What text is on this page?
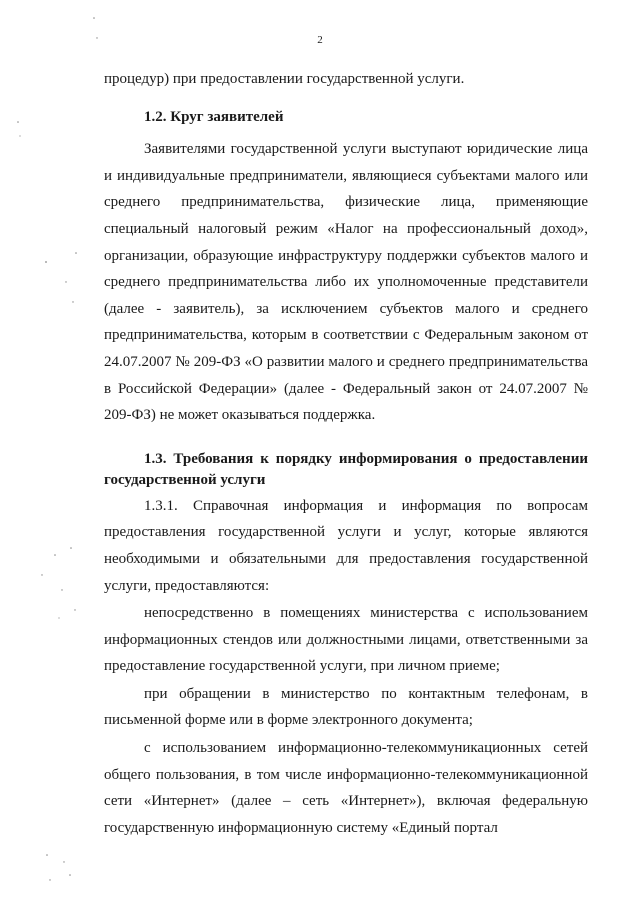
2

процедур) при предоставлении государственной услуги.

1.2. Круг заявителей

Заявителями государственной услуги выступают юридические лица и индивидуальные предприниматели, являющиеся субъектами малого или среднего предпринимательства, физические лица, применяющие специальный налоговый режим «Налог на профессиональный доход», организации, образующие инфраструктуру поддержки субъектов малого и среднего предпринимательства либо их уполномоченные представители (далее - заявитель), за исключением субъектов малого и среднего предпринимательства, которым в соответствии с Федеральным законом от 24.07.2007 № 209-ФЗ «О развитии малого и среднего предпринимательства в Российской Федерации» (далее - Федеральный закон от 24.07.2007 № 209-ФЗ) не может оказываться поддержка.

1.3. Требования к порядку информирования о предоставлении государственной услуги

1.3.1. Справочная информация и информация по вопросам предоставления государственной услуги и услуг, которые являются необходимыми и обязательными для предоставления государственной услуги, предоставляются:

непосредственно в помещениях министерства с использованием информационных стендов или должностными лицами, ответственными за предоставление государственной услуги, при личном приеме;

при обращении в министерство по контактным телефонам, в письменной форме или в форме электронного документа;

с использованием информационно-телекоммуникационных сетей общего пользования, в том числе информационно-телекоммуникационной сети «Интернет» (далее – сеть «Интернет»), включая федеральную государственную информационную систему «Единый портал
